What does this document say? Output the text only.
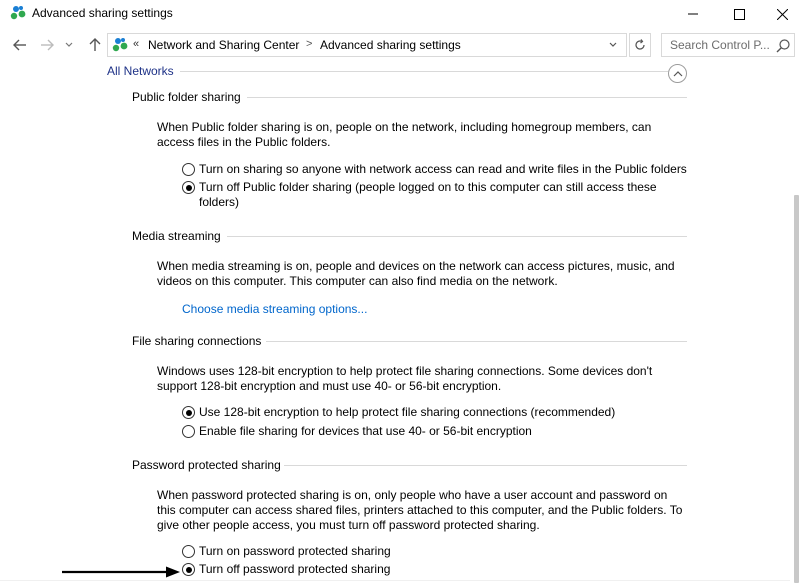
Advanced sharing settings
« Network and Sharing Center > Advanced sharing settings
Search Control P...
All Networks
Public folder sharing
When Public folder sharing is on, people on the network, including homegroup members, can access files in the Public folders.
Turn on sharing so anyone with network access can read and write files in the Public folders
Turn off Public folder sharing (people logged on to this computer can still access these folders)
Media streaming
When media streaming is on, people and devices on the network can access pictures, music, and videos on this computer. This computer can also find media on the network.
Choose media streaming options...
File sharing connections
Windows uses 128-bit encryption to help protect file sharing connections. Some devices don't support 128-bit encryption and must use 40- or 56-bit encryption.
Use 128-bit encryption to help protect file sharing connections (recommended)
Enable file sharing for devices that use 40- or 56-bit encryption
Password protected sharing
When password protected sharing is on, only people who have a user account and password on this computer can access shared files, printers attached to this computer, and the Public folders. To give other people access, you must turn off password protected sharing.
Turn on password protected sharing
Turn off password protected sharing
